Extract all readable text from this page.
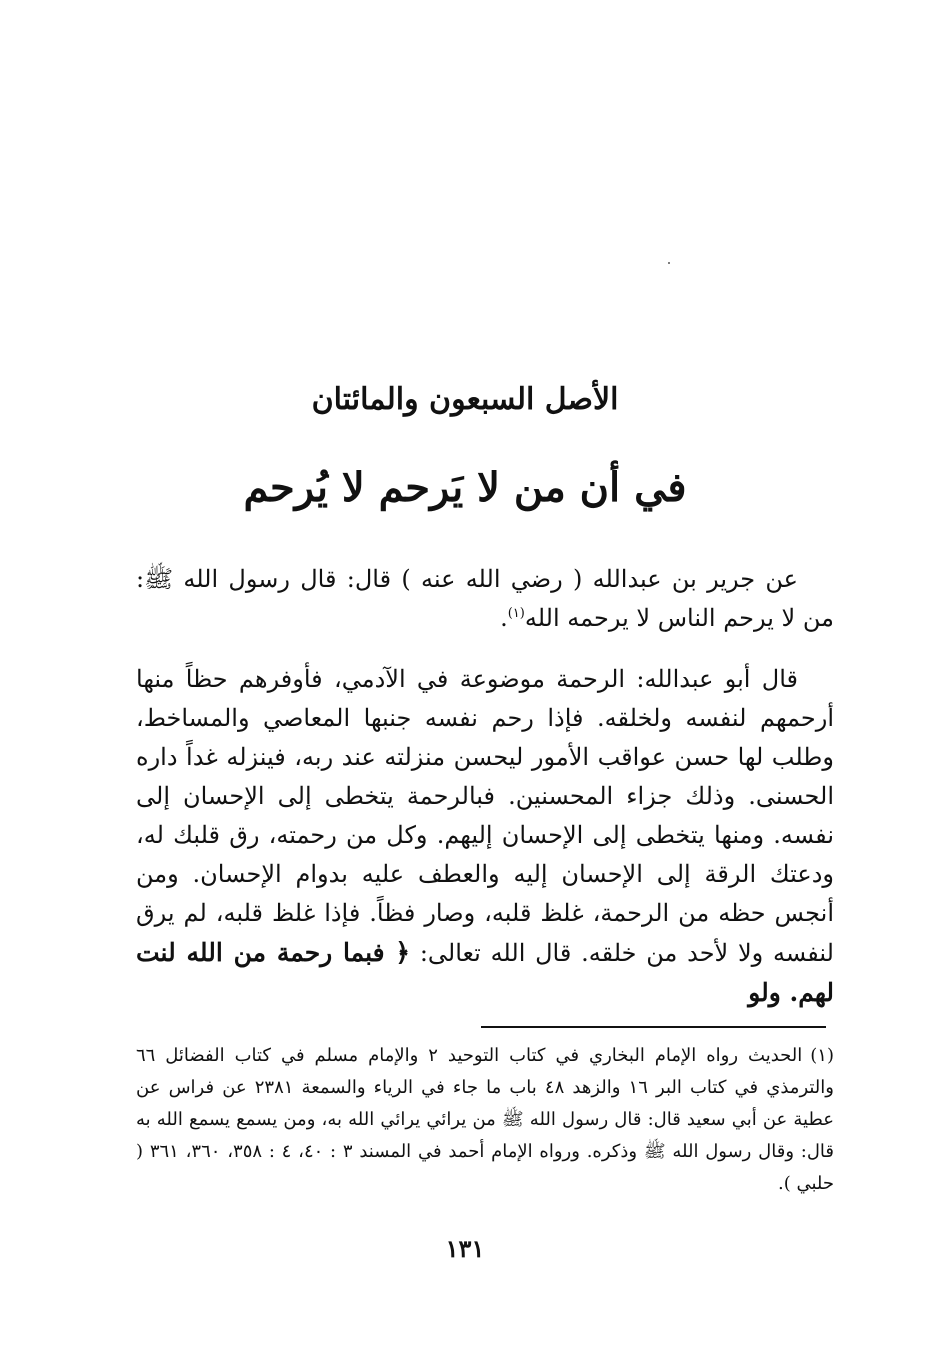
الأصل السبعون والمائتان
في أن من لا يَرحم لا يُرحم

عن جرير بن عبدالله ( رضي الله عنه ) قال: قال رسول الله ﷺ: من لا يرحم الناس لا يرحمه الله$^{(١)}$.

قال أبو عبدالله: الرحمة موضوعة في الآدمي، فأوفرهم حظاً منها أرحمهم لنفسه ولخلقه. فإذا رحم نفسه جنبها المعاصي والمساخط، وطلب لها حسن عواقب الأمور ليحسن منزلته عند ربه، فينزله غداً داره الحسنى. وذلك جزاء المحسنين. فبالرحمة يتخطى إلى الإحسان إلى نفسه. ومنها يتخطى إلى الإحسان إليهم. وكل من رحمته، رق قلبك له، ودعتك الرقة إلى الإحسان إليه والعطف عليه بدوام الإحسان. ومن أنجس حظه من الرحمة، غلظ قلبه، وصار فظاً. فإذا غلظ قلبه، لم يرق لنفسه ولا لأحد من خلقه. قال الله تعالى: ﴿ فبما رحمة من الله لنت لهم. ولو

(١)الحديث رواه الإمام البخاري في كتاب التوحيد ٢ والإمام مسلم في كتاب الفضائل ٦٦ والترمذي في كتاب البر ١٦ والزهد ٤٨ باب ما جاء في الرياء والسمعة ٢٣٨١ عن فراس عن عطية عن أبي سعيد قال: قال رسول الله ﷺ من يرائي يرائي الله به، ومن يسمع يسمع الله به قال: وقال رسول الله ﷺ وذكره. ورواه الإمام أحمد في المسند ٣ : ٤٠، ٤ : ٣٥٨، ٣٦٠، ٣٦١ ( حلبي ).

١٣١
